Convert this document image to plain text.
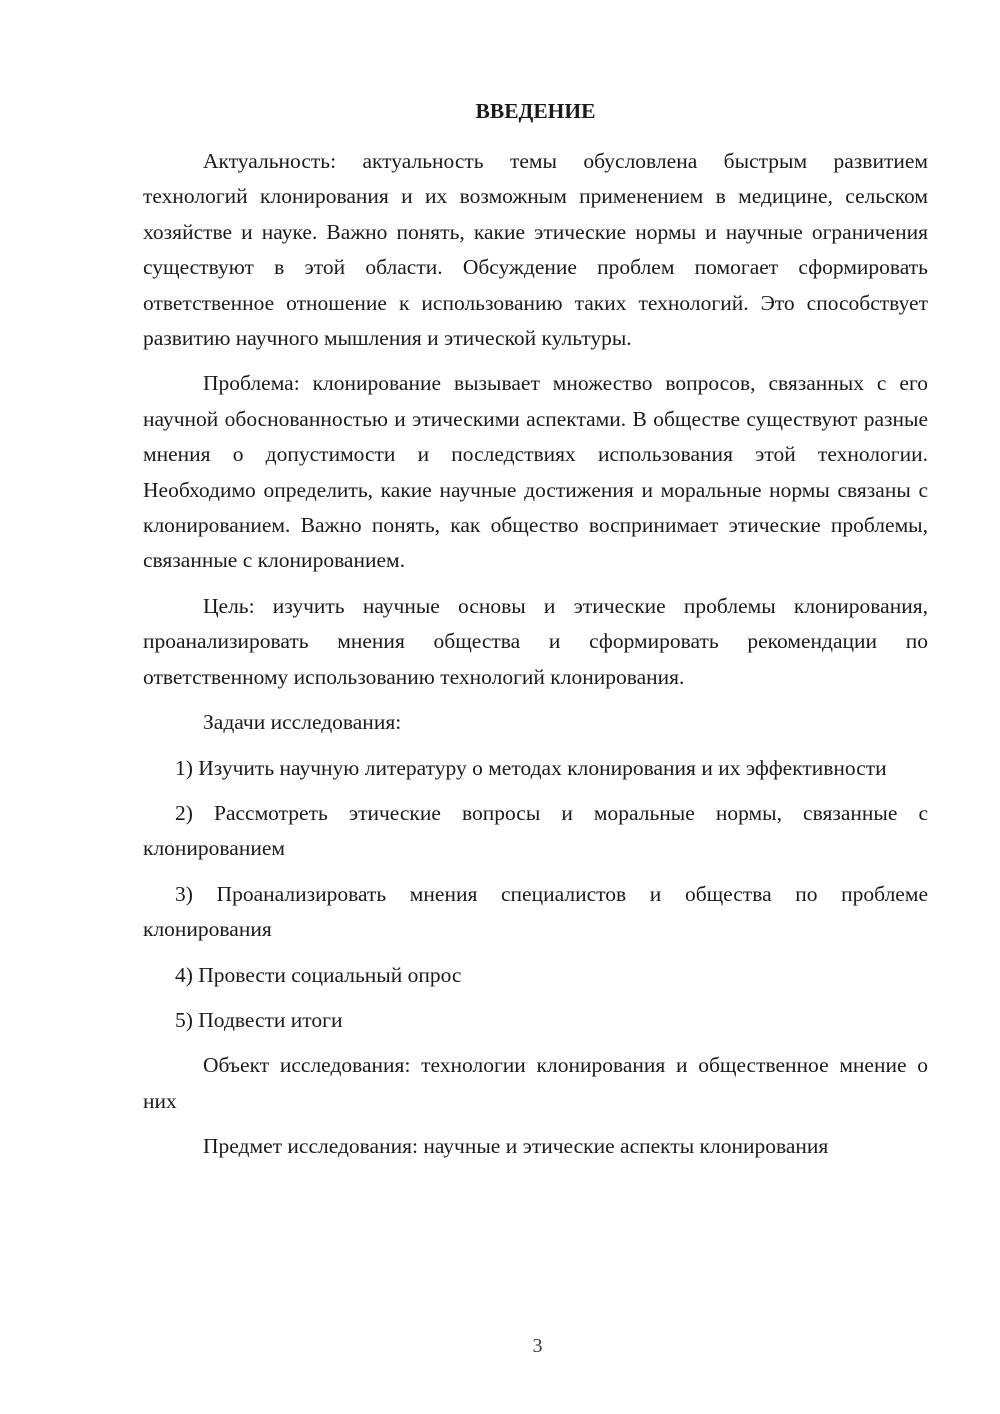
ВВЕДЕНИЕ

Актуальность: актуальность темы обусловлена быстрым развитием технологий клонирования и их возможным применением в медицине, сельском хозяйстве и науке. Важно понять, какие этические нормы и научные ограничения существуют в этой области. Обсуждение проблем помогает сформировать ответственное отношение к использованию таких технологий. Это способствует развитию научного мышления и этической культуры.

Проблема: клонирование вызывает множество вопросов, связанных с его научной обоснованностью и этическими аспектами. В обществе существуют разные мнения о допустимости и последствиях использования этой технологии. Необходимо определить, какие научные достижения и моральные нормы связаны с клонированием. Важно понять, как общество воспринимает этические проблемы, связанные с клонированием.

Цель: изучить научные основы и этические проблемы клонирования, проанализировать мнения общества и сформировать рекомендации по ответственному использованию технологий клонирования.

Задачи исследования:

1) Изучить научную литературу о методах клонирования и их эффективности

2) Рассмотреть этические вопросы и моральные нормы, связанные с клонированием

3) Проанализировать мнения специалистов и общества по проблеме клонирования

4) Провести социальный опрос

5) Подвести итоги

Объект исследования: технологии клонирования и общественное мнение о них

Предмет исследования: научные и этические аспекты клонирования

3
